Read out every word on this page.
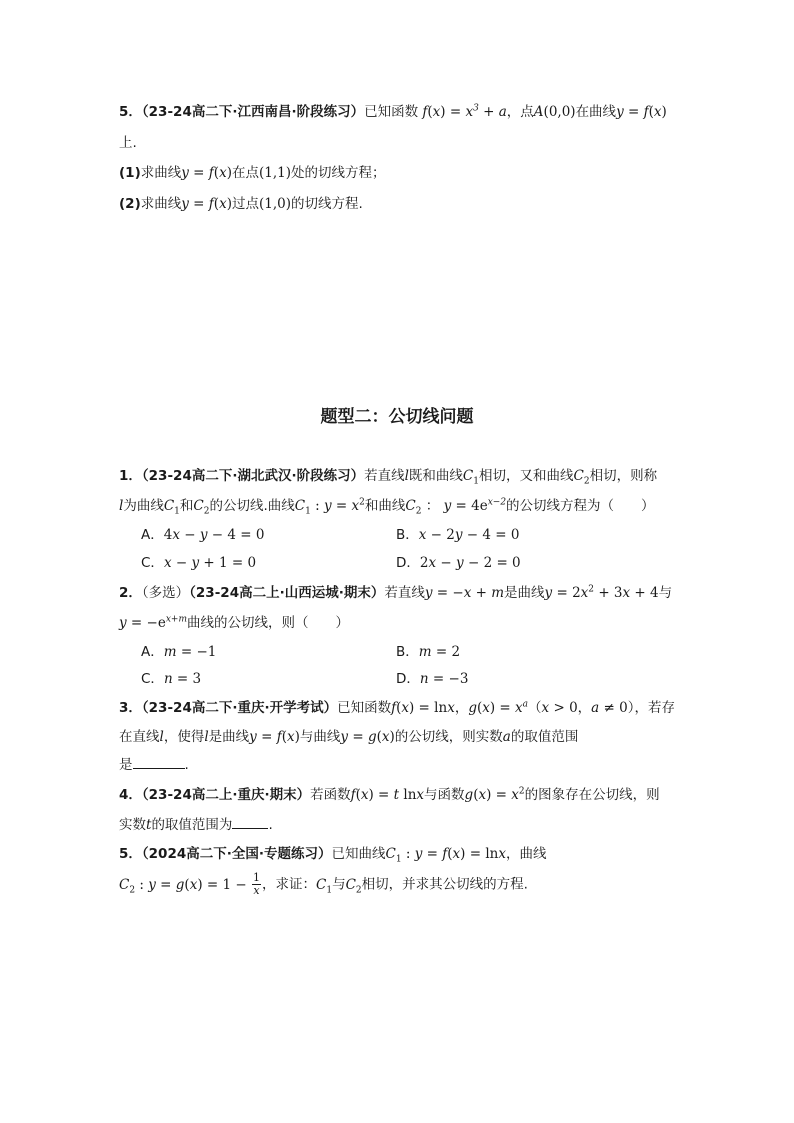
5．（23-24高二下·江西南昌·阶段练习）已知函数 $f(x) = x^3 + a$，点A(0,0)在曲线y = f(x)
上.
(1)求曲线y = f(x)在点(1,1)处的切线方程；
(2)求曲线y = f(x)过点(1,0)的切线方程.
题型二：公切线问题
1．（23-24高二下·湖北武汉·阶段练习）若直线l既和曲线$C_1$相切，又和曲线$C_2$相切，则称
l为曲线$C_1$和$C_2$的公切线.曲线$C_1$ : $y = x^2$和曲线$C_2$ ： $y = 4e^{x-2}$的公切线方程为（　　）
A．4x − y − 4 = 0	B．x − 2y − 4 = 0
C．x − y + 1 = 0	D．2x − y − 2 = 0
2．（多选）（23-24高二上·山西运城·期末）若直线y = −x + m是曲线$y = 2x^2 + 3x + 4$与
$y = -e^{x+m}$曲线的公切线，则（　　）
A．m = −1	B．m = 2
C．n = 3	D．n = −3
3．（23-24高二下·重庆·开学考试）已知函数f(x) = lnx，$g(x) = x^a(x > 0$，a ≠ 0），若存
在直线l，使得l是曲线y = f(x)与曲线y = g(x)的公切线，则实数a的取值范围
是	.
4．（23-24高二上·重庆·期末）若函数f(x) = t lnx与函数$g(x) = x^2$的图象存在公切线，则
实数t的取值范围为	.
5．（2024高二下·全国·专题练习）已知曲线$C_1$ : y = f(x) = lnx，曲线
$C_2$ : $y = g(x) = 1 - \frac{1}{x}$ ，求证：$C_1$与$C_2$相切，并求其公切线的方程.
